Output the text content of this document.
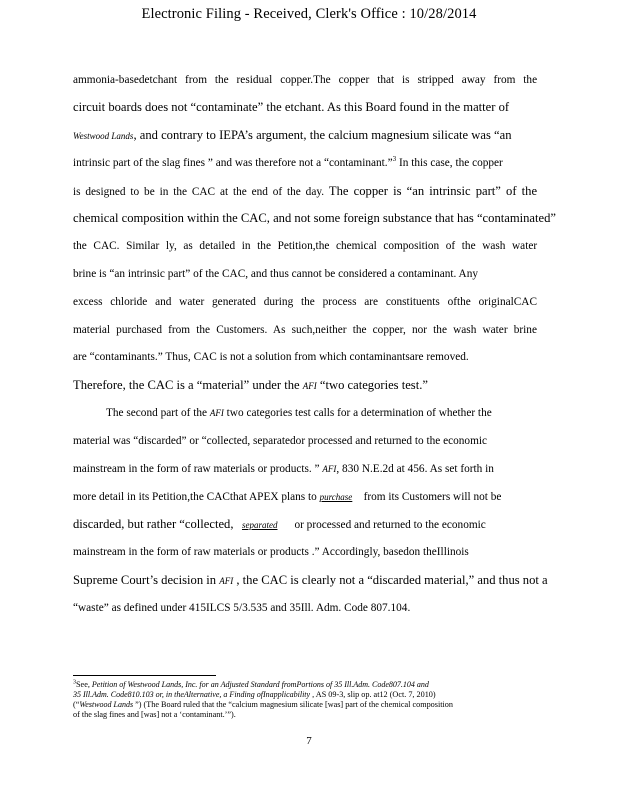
Electronic Filing - Received, Clerk's Office : 10/28/2014
ammonia-basedetchant from the residual copper.The copper that is stripped away from the
circuit boards does not “contaminate” the etchant. As this Board found in the matter of
Westwood Lands, and contrary to IEPA’s argument, the calcium magnesium silicate was “an
intrinsic part of the slag fines ” and was therefore not a “contaminant.”$^3$ In this case, the copper
is designed to be in the CAC at the end of the day. The copper is “an intrinsic part” of the
chemical composition within the CAC, and not some foreign substance that has “contaminated”
the CAC. Similar ly, as detailed in the Petition,the chemical composition of the wash water
brine is “an intrinsic part” of the CAC, and thus cannot be considered a contaminant. Any
excess chloride and water generated during the process are constituents ofthe originalCAC
material purchased from the Customers. As such,neither the copper, nor the wash water brine
are “contaminants.” Thus, CAC is not a solution from which contaminantsare removed.
Therefore, the CAC is a “material” under the AFI “two categories test.”
The second part of the AFI two categories test calls for a determination of whether the
material was “discarded” or “collected, separatedor processed and returned to the economic
mainstream in the form of raw materials or products. ” AFI, 830 N.E.2d at 456. As set forth in
more detail in its Petition,the CACthat APEX plans to purchase from its Customers will not be
discarded, but rather “collected, separated or processed and returned to the economic
mainstream in the form of raw materials or products .” Accordingly, basedon theIllinois
Supreme Court’s decision in AFI , the CAC is clearly not a “discarded material,” and thus not a
“waste” as defined under 415ILCS 5/3.535 and 35Ill. Adm. Code 807.104.
$^3$See, Petition of Westwood Lands, Inc. for an Adjusted Standard fromPortions of 35 Ill.Adm. Code807.104 and
35 Ill.Adm. Code810.103 or, in theAlternative, a Finding ofInapplicability , AS 09-3, slip op. at12 (Oct. 7, 2010)
(“Westwood Lands ”) (The Board ruled that the “calcium magnesium silicate [was] part of the chemical composition
of the slag fines and [was] not a ‘contaminant.’”).
7
